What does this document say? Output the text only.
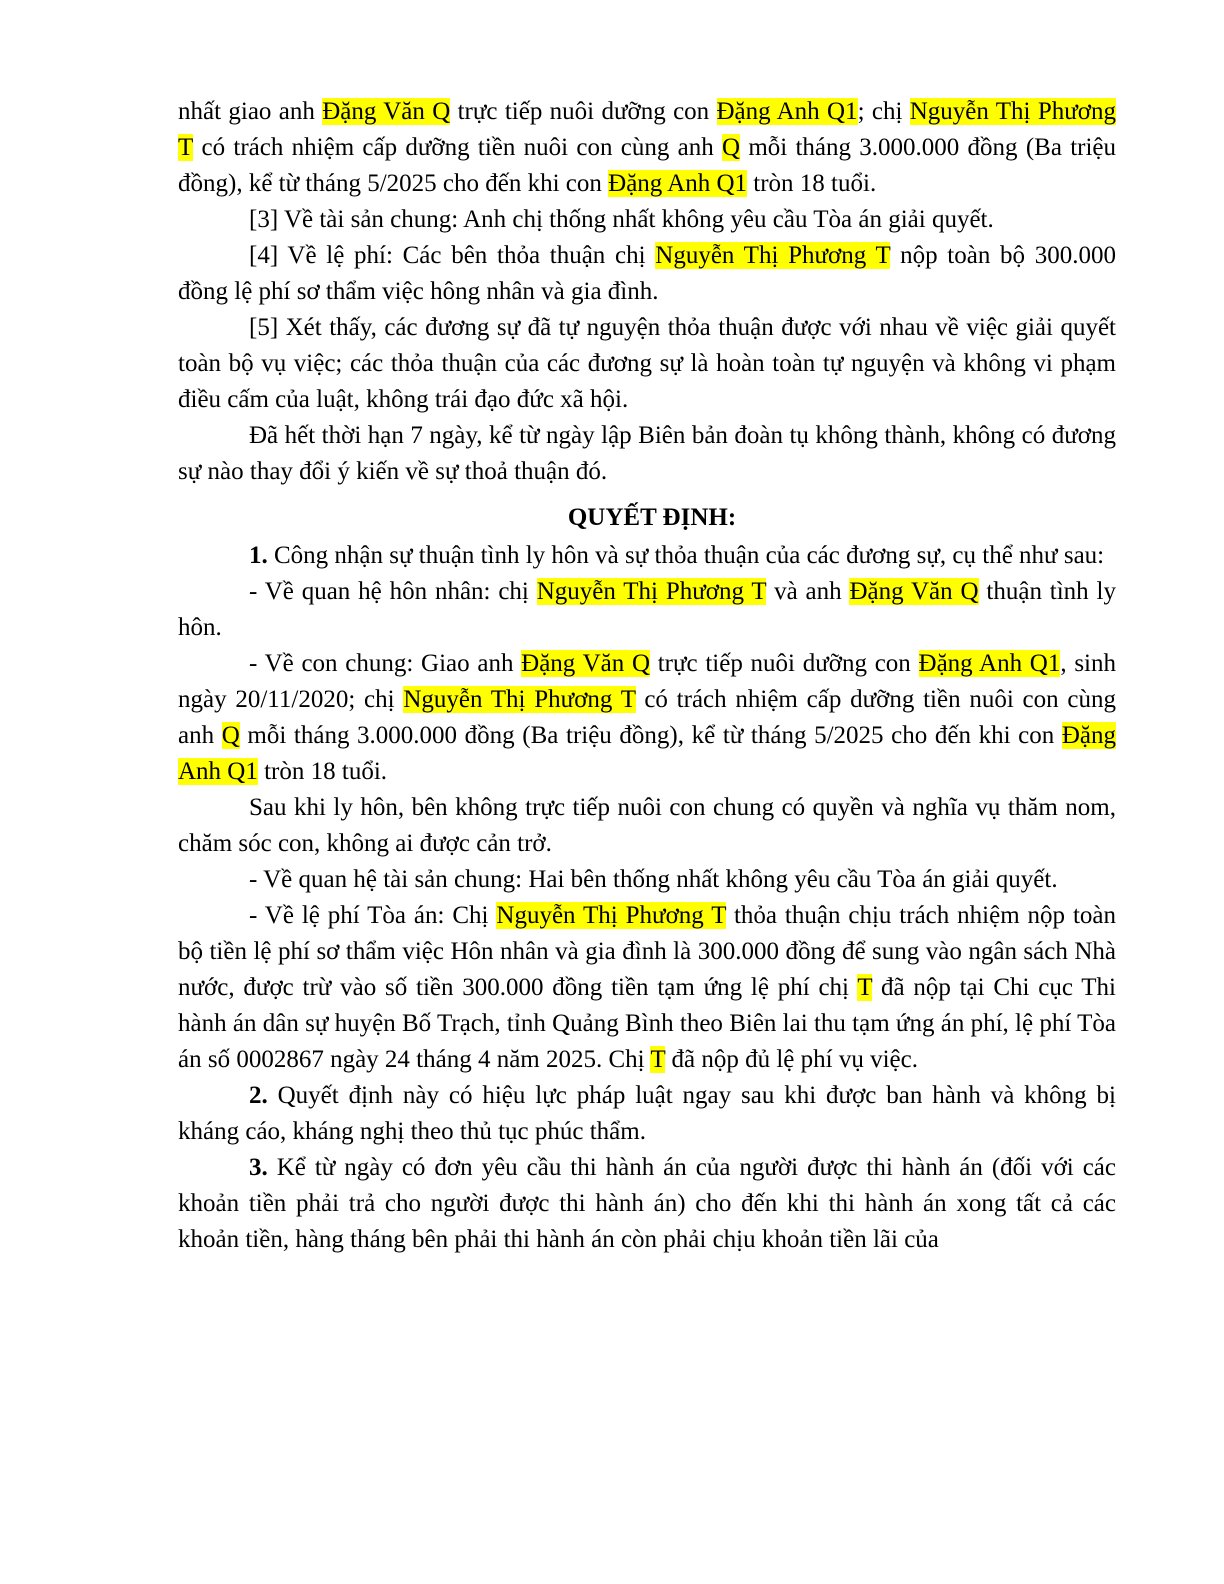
nhất giao anh Đặng Văn Q trực tiếp nuôi dưỡng con Đặng Anh Q1; chị Nguyễn Thị Phương T có trách nhiệm cấp dưỡng tiền nuôi con cùng anh Q mỗi tháng 3.000.000 đồng (Ba triệu đồng), kể từ tháng 5/2025 cho đến khi con Đặng Anh Q1 tròn 18 tuổi.

[3] Về tài sản chung: Anh chị thống nhất không yêu cầu Tòa án giải quyết.

[4] Về lệ phí: Các bên thỏa thuận chị Nguyễn Thị Phương T nộp toàn bộ 300.000 đồng lệ phí sơ thẩm việc hông nhân và gia đình.

[5] Xét thấy, các đương sự đã tự nguyện thỏa thuận được với nhau về việc giải quyết toàn bộ vụ việc; các thỏa thuận của các đương sự là hoàn toàn tự nguyện và không vi phạm điều cấm của luật, không trái đạo đức xã hội.

Đã hết thời hạn 7 ngày, kể từ ngày lập Biên bản đoàn tụ không thành, không có đương sự nào thay đổi ý kiến về sự thoả thuận đó.

QUYẾT ĐỊNH:

1. Công nhận sự thuận tình ly hôn và sự thỏa thuận của các đương sự, cụ thể như sau:

- Về quan hệ hôn nhân: chị Nguyễn Thị Phương T và anh Đặng Văn Q thuận tình ly hôn.

- Về con chung: Giao anh Đặng Văn Q trực tiếp nuôi dưỡng con Đặng Anh Q1, sinh ngày 20/11/2020; chị Nguyễn Thị Phương T có trách nhiệm cấp dưỡng tiền nuôi con cùng anh Q mỗi tháng 3.000.000 đồng (Ba triệu đồng), kể từ tháng 5/2025 cho đến khi con Đặng Anh Q1 tròn 18 tuổi.

Sau khi ly hôn, bên không trực tiếp nuôi con chung có quyền và nghĩa vụ thăm nom, chăm sóc con, không ai được cản trở.

- Về quan hệ tài sản chung: Hai bên thống nhất không yêu cầu Tòa án giải quyết.

- Về lệ phí Tòa án: Chị Nguyễn Thị Phương T thỏa thuận chịu trách nhiệm nộp toàn bộ tiền lệ phí sơ thẩm việc Hôn nhân và gia đình là 300.000 đồng để sung vào ngân sách Nhà nước, được trừ vào số tiền 300.000 đồng tiền tạm ứng lệ phí chị T đã nộp tại Chi cục Thi hành án dân sự huyện Bố Trạch, tỉnh Quảng Bình theo Biên lai thu tạm ứng án phí, lệ phí Tòa án số 0002867 ngày 24 tháng 4 năm 2025. Chị T đã nộp đủ lệ phí vụ việc.

2. Quyết định này có hiệu lực pháp luật ngay sau khi được ban hành và không bị kháng cáo, kháng nghị theo thủ tục phúc thẩm.

3. Kể từ ngày có đơn yêu cầu thi hành án của người được thi hành án (đối với các khoản tiền phải trả cho người được thi hành án) cho đến khi thi hành án xong tất cả các khoản tiền, hàng tháng bên phải thi hành án còn phải chịu khoản tiền lãi của
